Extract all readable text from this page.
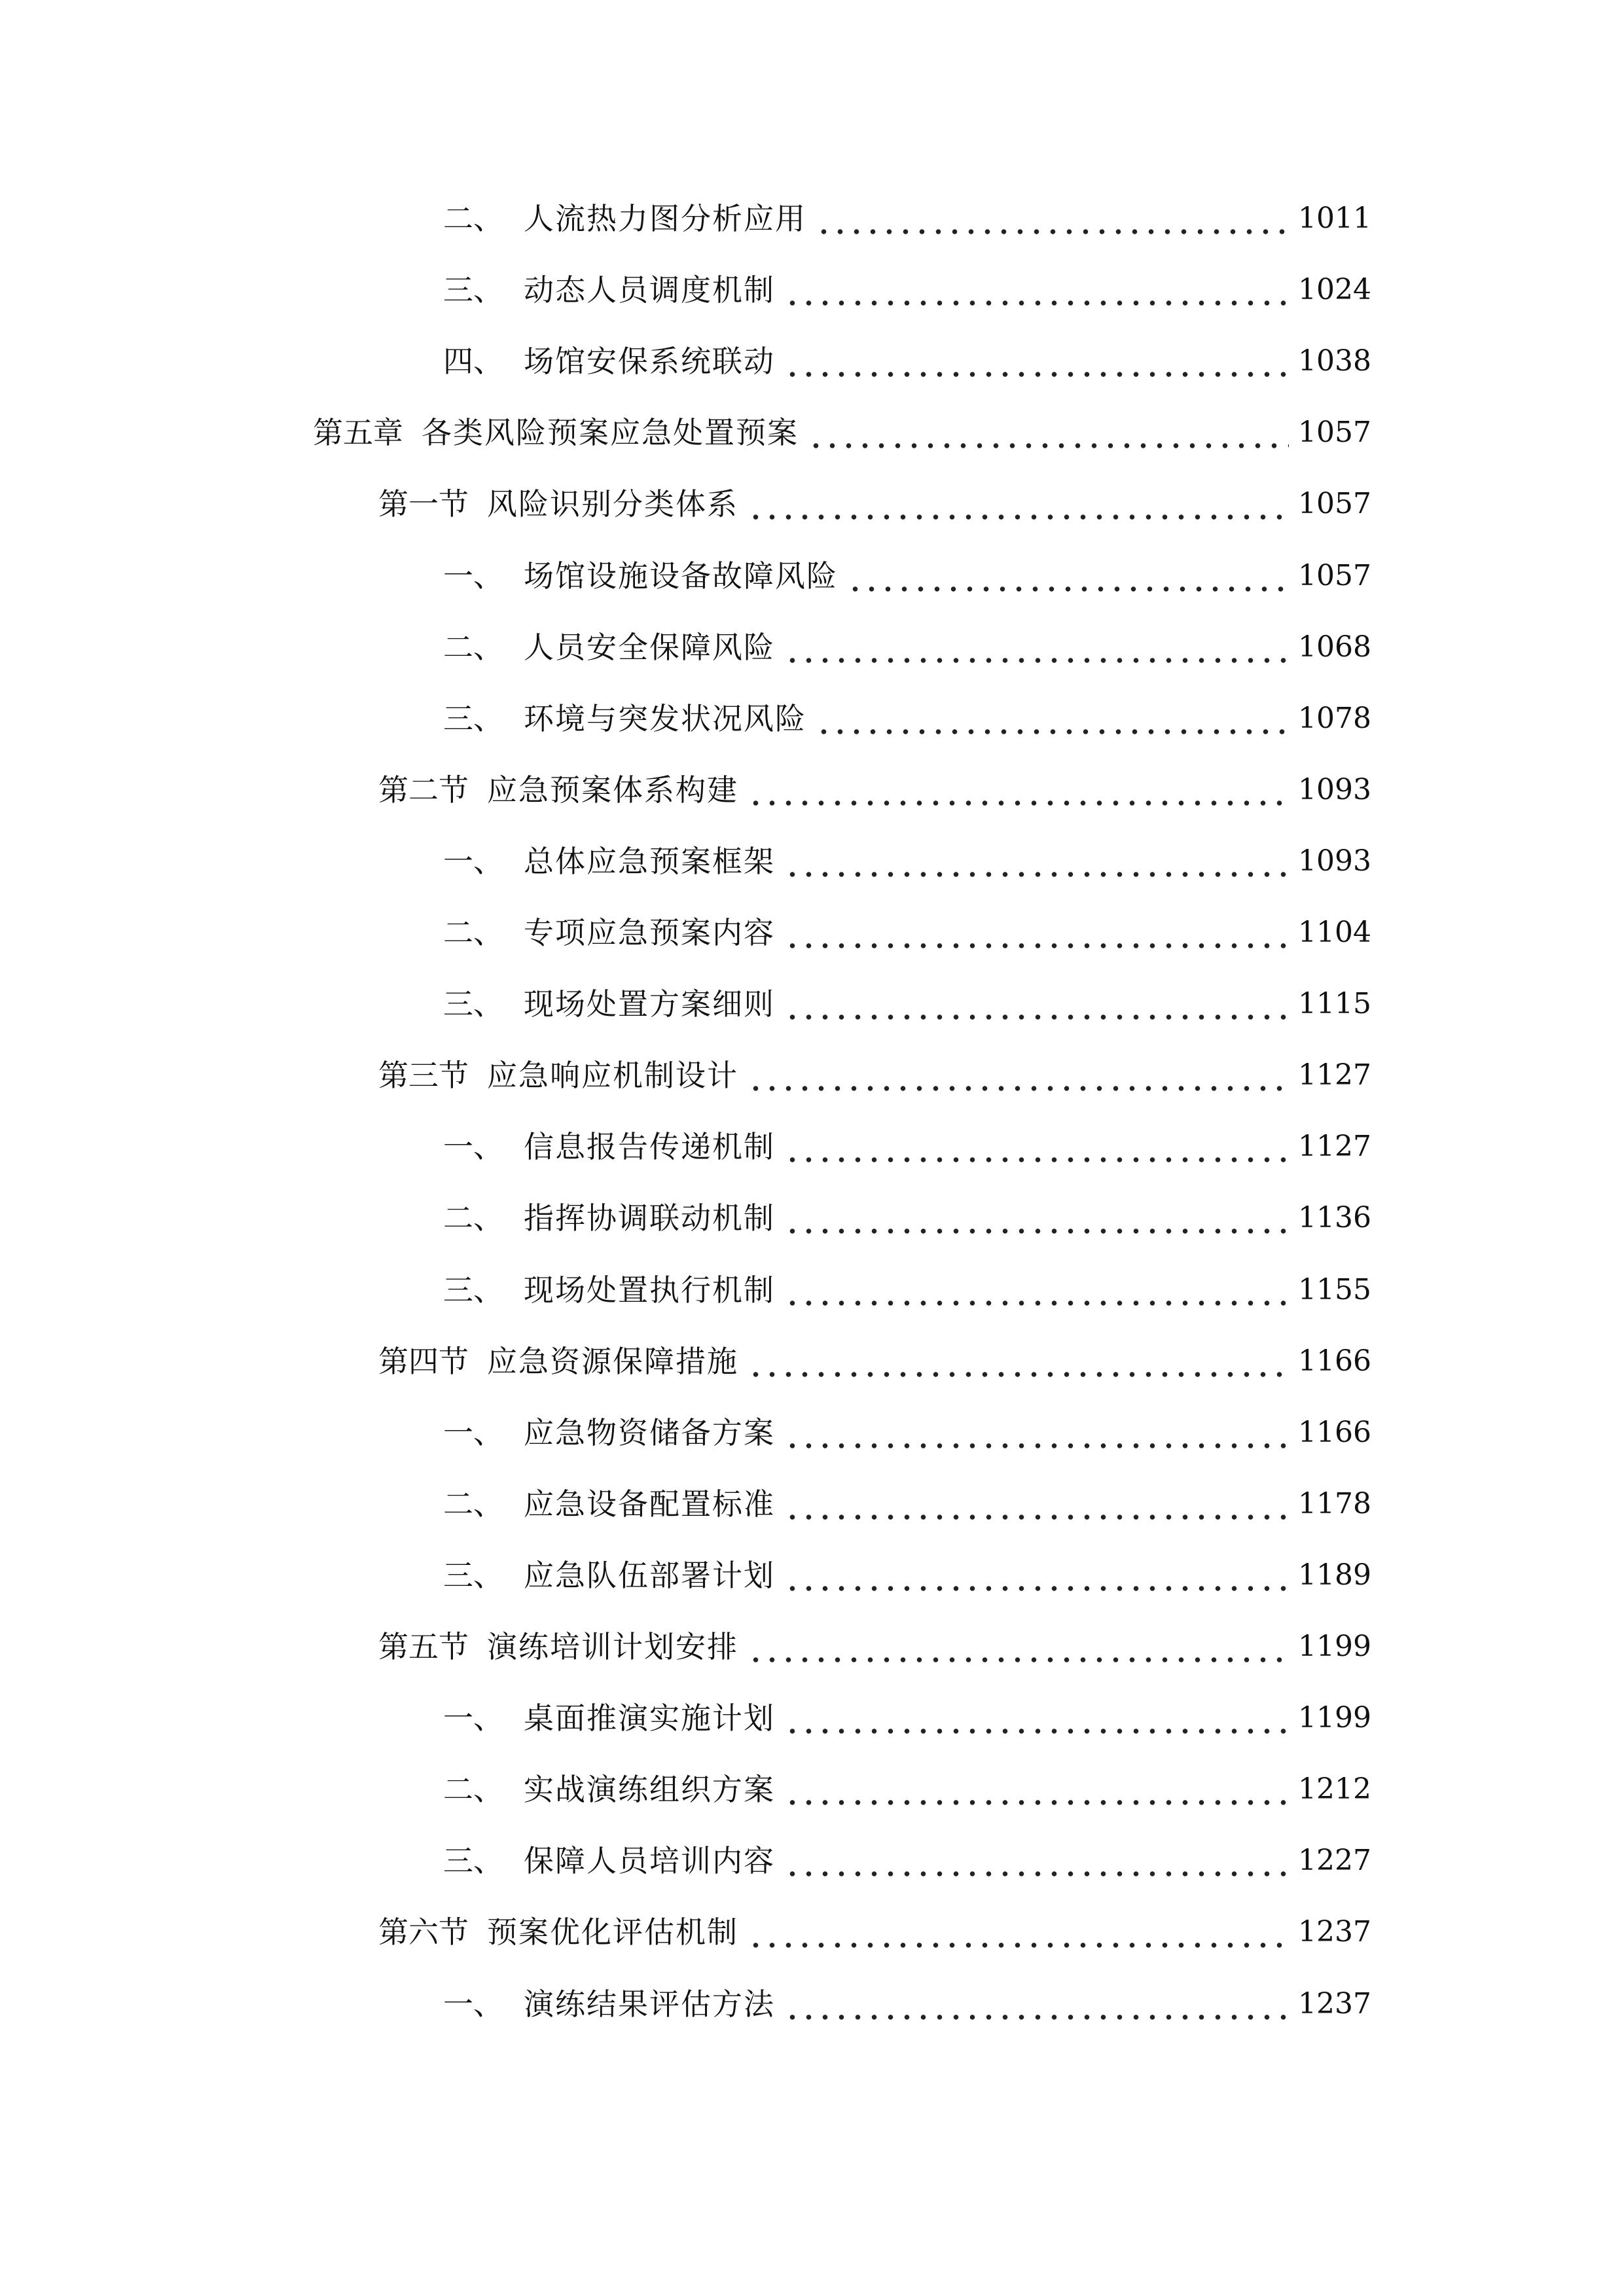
二、 人流热力图分析应用	1011
三、 动态人员调度机制	1024
四、 场馆安保系统联动	1038
第五章 各类风险预案应急处置预案	1057
第一节 风险识别分类体系	1057
一、 场馆设施设备故障风险	1057
二、 人员安全保障风险	1068
三、 环境与突发状况风险	1078
第二节 应急预案体系构建	1093
一、 总体应急预案框架	1093
二、 专项应急预案内容	1104
三、 现场处置方案细则	1115
第三节 应急响应机制设计	1127
一、 信息报告传递机制	1127
二、 指挥协调联动机制	1136
三、 现场处置执行机制	1155
第四节 应急资源保障措施	1166
一、 应急物资储备方案	1166
二、 应急设备配置标准	1178
三、 应急队伍部署计划	1189
第五节 演练培训计划安排	1199
一、 桌面推演实施计划	1199
二、 实战演练组织方案	1212
三、 保障人员培训内容	1227
第六节 预案优化评估机制	1237
一、 演练结果评估方法	1237
